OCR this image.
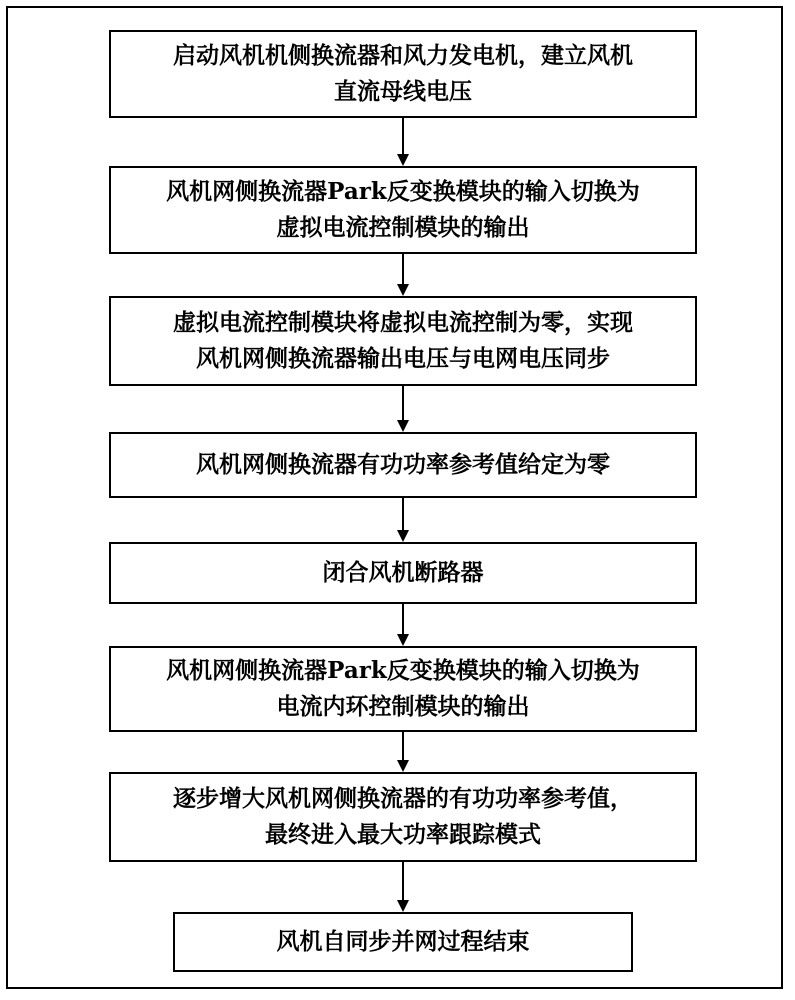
启动风机机侧换流器和风力发电机，建立风机
直流母线电压
风机网侧换流器Park反变换模块的输入切换为
虚拟电流控制模块的输出
虚拟电流控制模块将虚拟电流控制为零，实现
风机网侧换流器输出电压与电网电压同步
风机网侧换流器有功功率参考值给定为零
闭合风机断路器
风机网侧换流器Park反变换模块的输入切换为
电流内环控制模块的输出
逐步增大风机网侧换流器的有功功率参考值，
最终进入最大功率跟踪模式
风机自同步并网过程结束
